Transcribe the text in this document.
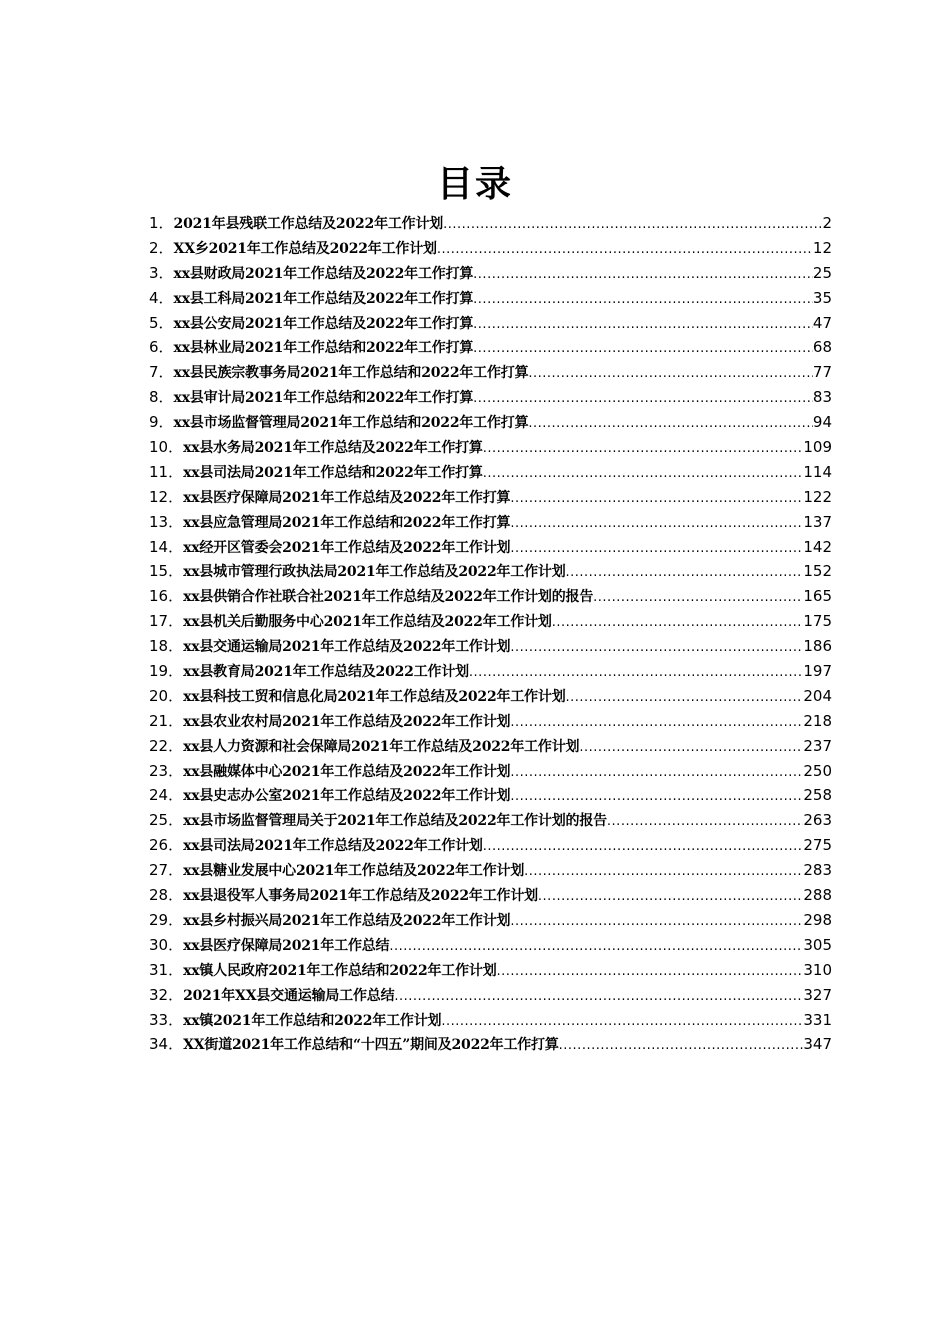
目录
1． 2021年县残联工作总结及2022年工作计划 .....	2
2． XX乡2021年工作总结及2022年工作计划 .....	12
3． xx县财政局2021年工作总结及2022年工作打算 .....	25
4． xx县工科局2021年工作总结及2022年工作打算 .....	35
5． xx县公安局2021年工作总结及2022年工作打算 .....	47
6． xx县林业局2021年工作总结和2022年工作打算 .....	68
7． xx县民族宗教事务局2021年工作总结和2022年工作打算 .....	77
8． xx县审计局2021年工作总结和2022年工作打算 .....	83
9． xx县市场监督管理局2021年工作总结和2022年工作打算 .....	94
10． xx县水务局2021年工作总结及2022年工作打算 .....	109
11． xx县司法局2021年工作总结和2022年工作打算 .....	114
12． xx县医疗保障局2021年工作总结及2022年工作打算 .....	122
13． xx县应急管理局2021年工作总结和2022年工作打算 .....	137
14． xx经开区管委会2021年工作总结及2022年工作计划 .....	142
15． xx县城市管理行政执法局2021年工作总结及2022年工作计划 .....	152
16． xx县供销合作社联合社2021年工作总结及2022年工作计划的报告 .....	165
17． xx县机关后勤服务中心2021年工作总结及2022年工作计划 .....	175
18． xx县交通运输局2021年工作总结及2022年工作计划 .....	186
19． xx县教育局2021年工作总结及2022工作计划 .....	197
20． xx县科技工贸和信息化局2021年工作总结及2022年工作计划 .....	204
21． xx县农业农村局2021年工作总结及2022年工作计划 .....	218
22． xx县人力资源和社会保障局2021年工作总结及2022年工作计划 .....	237
23． xx县融媒体中心2021年工作总结及2022年工作计划 .....	250
24． xx县史志办公室2021年工作总结及2022年工作计划 .....	258
25． xx县市场监督管理局关于2021年工作总结及2022年工作计划的报告 .....	263
26． xx县司法局2021年工作总结及2022年工作计划 .....	275
27． xx县糖业发展中心2021年工作总结及2022年工作计划 .....	283
28． xx县退役军人事务局2021年工作总结及2022年工作计划 .....	288
29． xx县乡村振兴局2021年工作总结及2022年工作计划 .....	298
30． xx县医疗保障局2021年工作总结 .....	305
31． xx镇人民政府2021年工作总结和2022年工作计划 .....	310
32． 2021年XX县交通运输局工作总结 .....	327
33． xx镇2021年工作总结和2022年工作计划 .....	331
34． XX街道2021年工作总结和“十四五”期间及2022年工作打算 .....	347
